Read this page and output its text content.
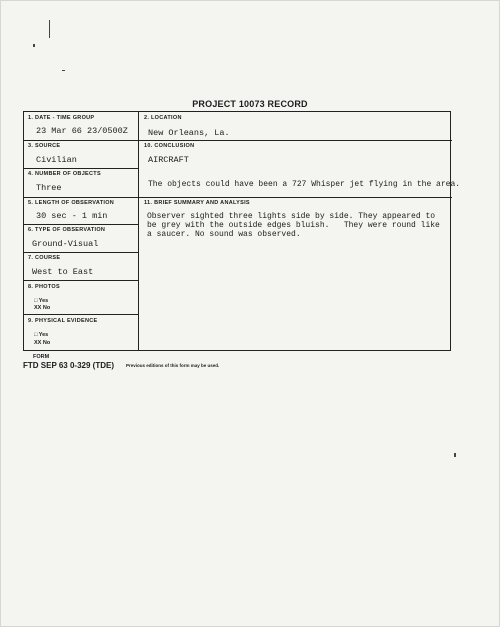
PROJECT 10073 RECORD
1. DATE - TIME GROUP
23 Mar 66 23/0500Z
3. SOURCE
Civilian
4. NUMBER OF OBJECTS
Three
5. LENGTH OF OBSERVATION
30 sec - 1 min
6. TYPE OF OBSERVATION
Ground-Visual
7. COURSE
West to East
8. PHOTOS
□ Yes
XX No
9. PHYSICAL EVIDENCE
□ Yes
XX No
2. LOCATION
New Orleans, La.
10. CONCLUSION
AIRCRAFT
The objects could have been a 727 Whisper jet flying in the area.
11. BRIEF SUMMARY AND ANALYSIS
Observer sighted three lights side by side. They appeared to
be grey with the outside edges bluish.   They were round like
a saucer. No sound was observed.
FORM
FTD SEP 63 0-329 (TDE)	Previous editions of this form may be used.
